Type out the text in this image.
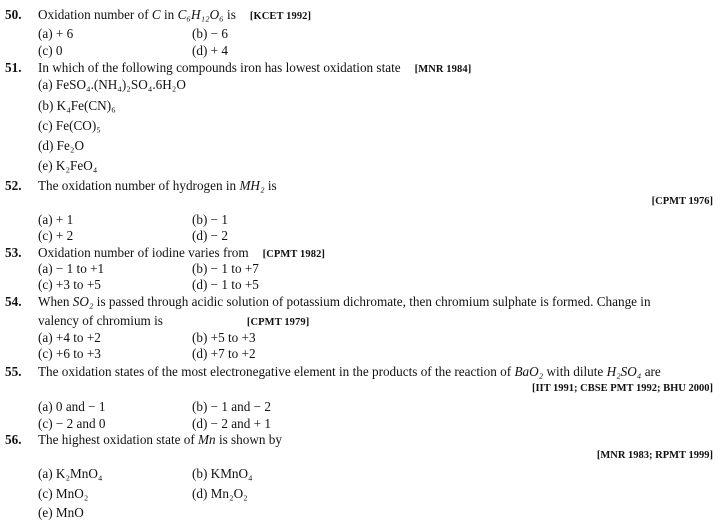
50. Oxidation number of C in C₆H₁₂O₆ is [KCET 1992]
(a) + 6	(b) − 6
(c) 0	(d) + 4
51. In which of the following compounds iron has lowest oxidation state [MNR 1984]
(a) FeSO₄.(NH₄)₂SO₄.6H₂O
(b) K₄Fe(CN)₆
(c) Fe(CO)₅
(d) Fe₂O
(e) K₂FeO₄
52. The oxidation number of hydrogen in MH₂ is
[CPMT 1976]
(a) + 1	(b) − 1
(c) + 2	(d) − 2
53. Oxidation number of iodine varies from [CPMT 1982]
(a) − 1 to +1	(b) − 1 to +7
(c) +3 to +5	(d) − 1 to +5
54. When SO₂ is passed through acidic solution of potassium dichromate, then chromium sulphate is formed. Change in
valency of chromium is	[CPMT 1979]
(a) +4 to +2	(b) +5 to +3
(c) +6 to +3	(d) +7 to +2
55. The oxidation states of the most electronegative element in the products of the reaction of BaO₂ with dilute H₂SO₄ are
[IIT 1991; CBSE PMT 1992; BHU 2000]
(a) 0 and − 1	(b) − 1 and − 2
(c) − 2 and 0	(d) − 2 and + 1
56. The highest oxidation state of Mn is shown by
[MNR 1983; RPMT 1999]
(a) K₂MnO₄	(b) KMnO₄
(c) MnO₂	(d) Mn₂O₂
(e) MnO
